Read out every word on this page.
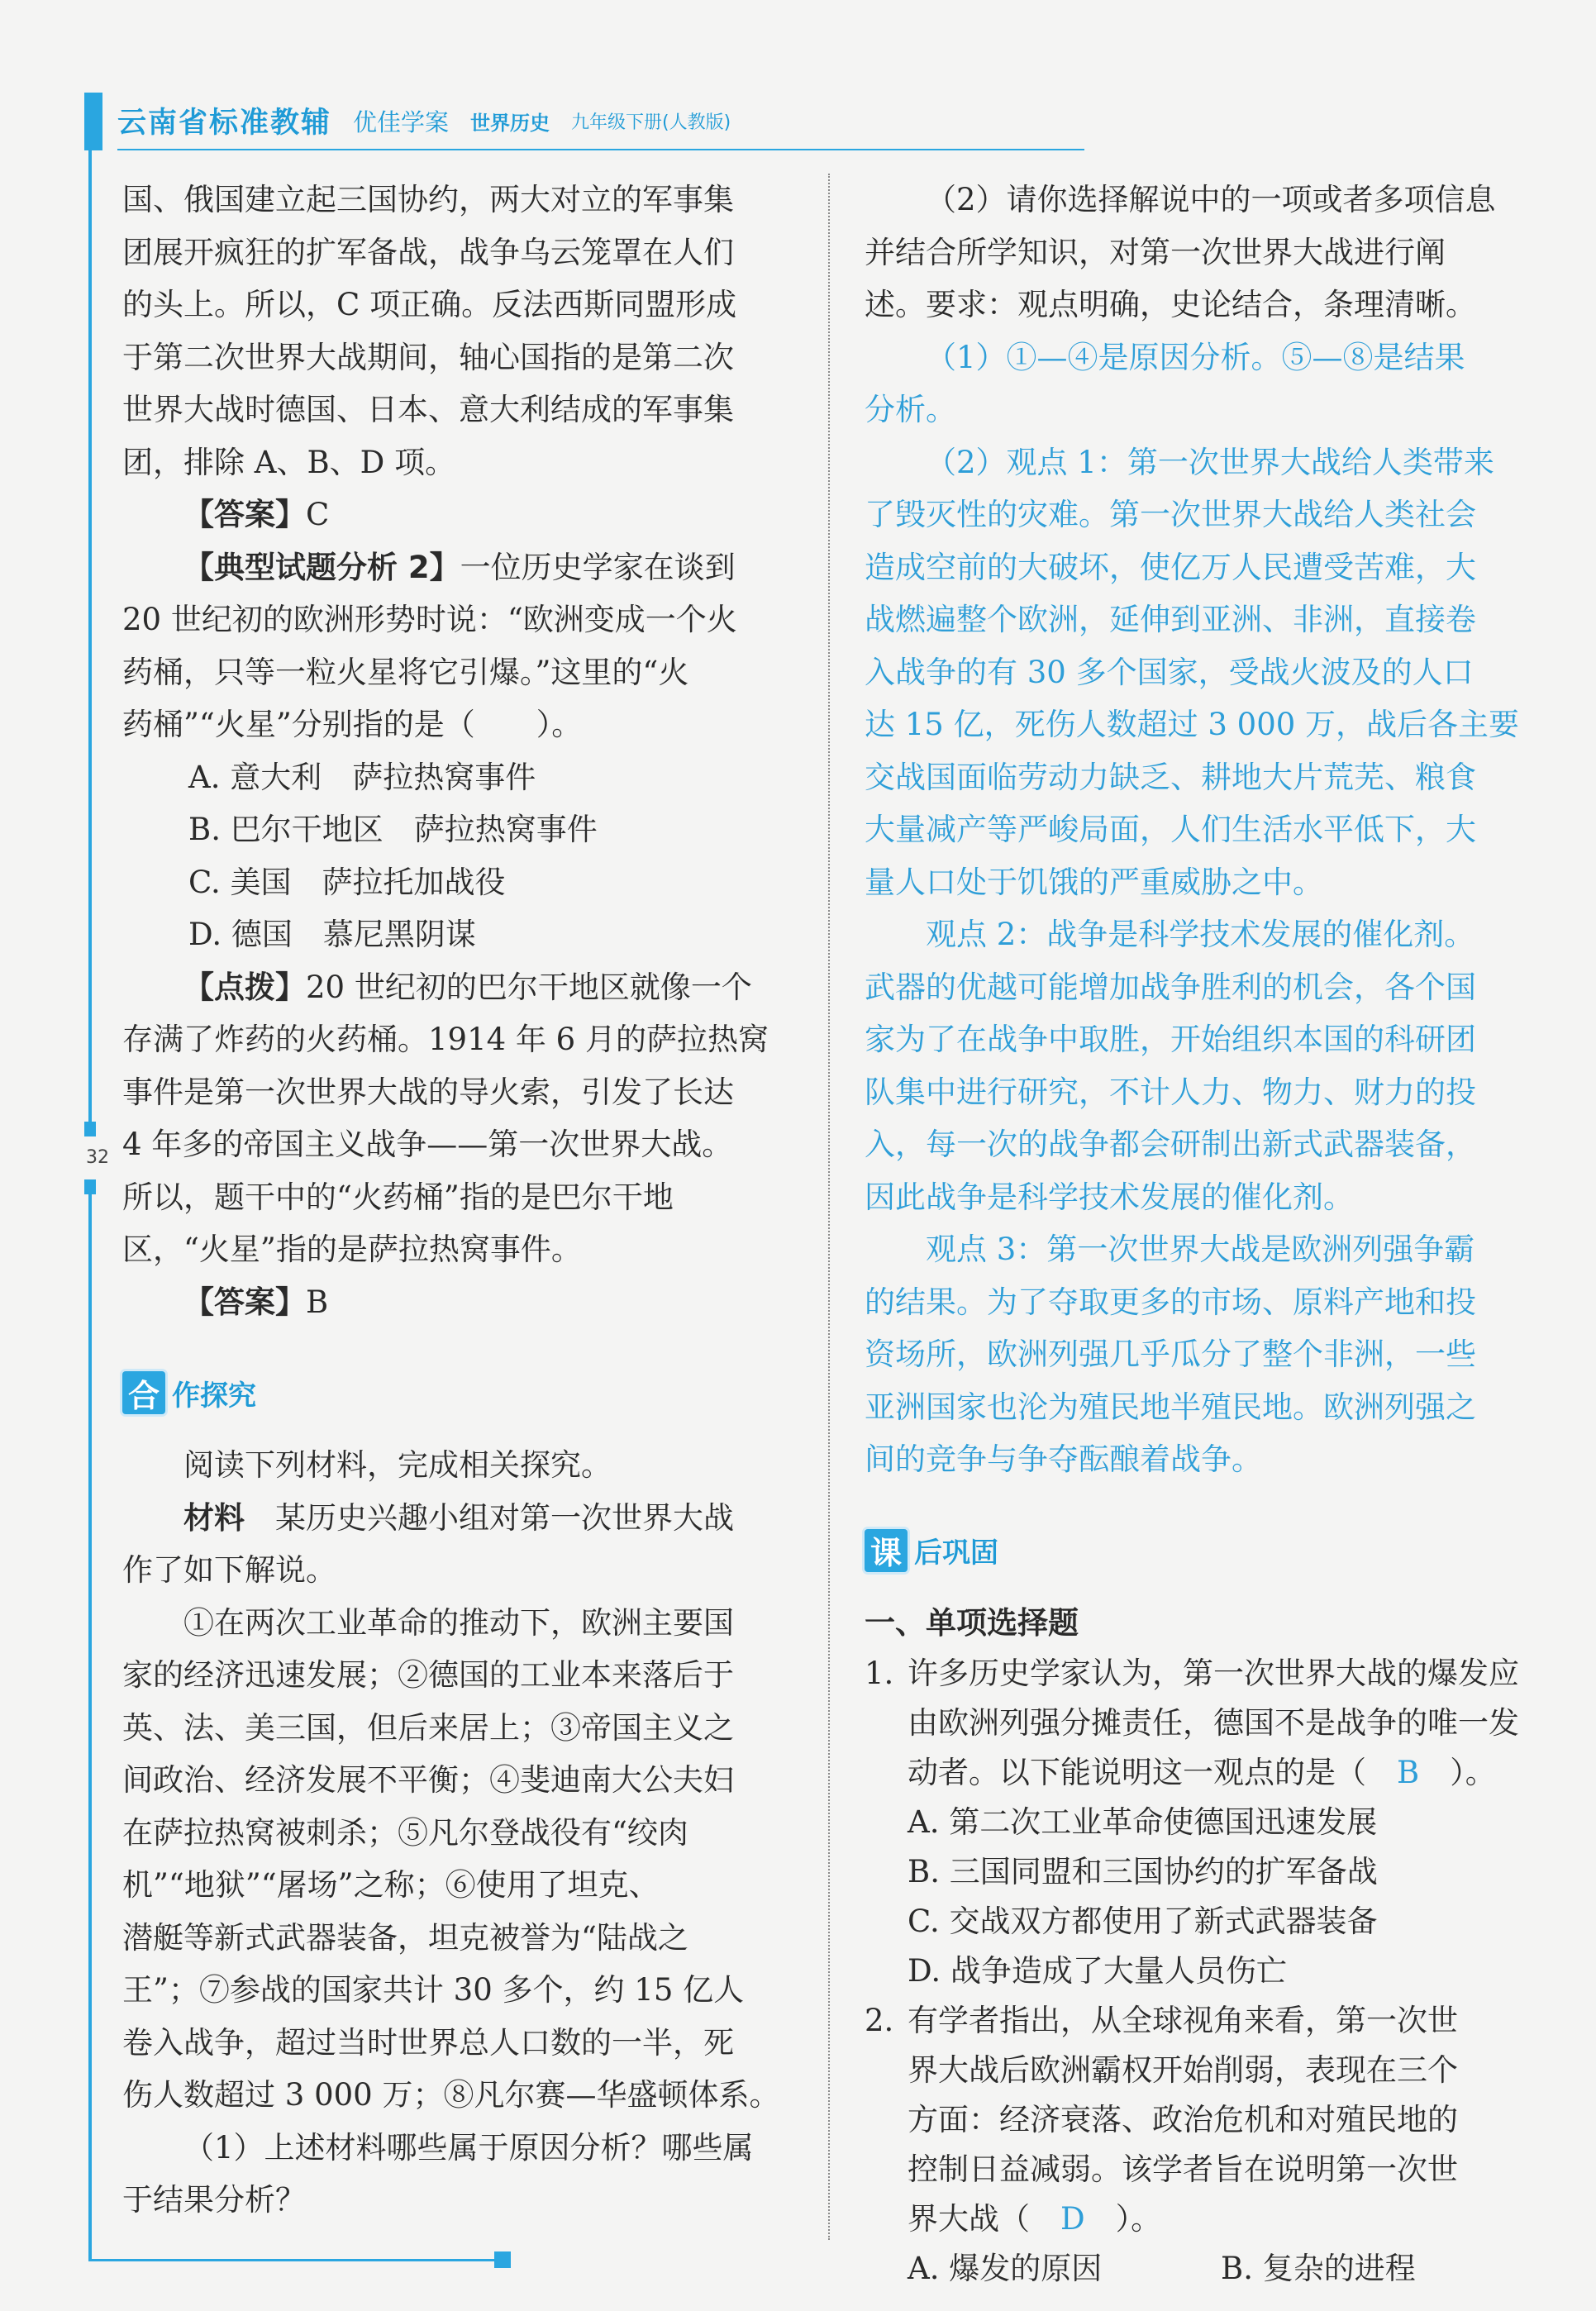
云南省标准教辅 优佳学案 世界历史 九年级下册(人教版)
32

国、俄国建立起三国协约，两大对立的军事集

团展开疯狂的扩军备战，战争乌云笼罩在人们

的头上。所以，C 项正确。反法西斯同盟形成

于第二次世界大战期间，轴心国指的是第二次

世界大战时德国、日本、意大利结成的军事集

团，排除 A、B、D 项。

【答案】C

【典型试题分析 2】一位历史学家在谈到

20 世纪初的欧洲形势时说：“欧洲变成一个火

药桶，只等一粒火星将它引爆。”这里的“火

药桶”“火星”分别指的是（　　）。

A. 意大利　萨拉热窝事件

B. 巴尔干地区　萨拉热窝事件

C. 美国　萨拉托加战役

D. 德国　慕尼黑阴谋

【点拨】20 世纪初的巴尔干地区就像一个

存满了炸药的火药桶。1914 年 6 月的萨拉热窝

事件是第一次世界大战的导火索，引发了长达

4 年多的帝国主义战争——第一次世界大战。

所以，题干中的“火药桶”指的是巴尔干地

区，“火星”指的是萨拉热窝事件。

【答案】B

合 作探究

阅读下列材料，完成相关探究。

材料　 某历史兴趣小组对第一次世界大战

作了如下解说。

①在两次工业革命的推动下，欧洲主要国

家的经济迅速发展；②德国的工业本来落后于

英、法、美三国，但后来居上；③帝国主义之

间政治、经济发展不平衡；④斐迪南大公夫妇

在萨拉热窝被刺杀；⑤凡尔登战役有“绞肉

机”“地狱”“屠场”之称；⑥使用了坦克、

潜艇等新式武器装备，坦克被誉为“陆战之

王”；⑦参战的国家共计 30 多个，约 15 亿人

卷入战争，超过当时世界总人口数的一半，死

伤人数超过 3 000 万；⑧凡尔赛—华盛顿体系。

（1）上述材料哪些属于原因分析？哪些属

于结果分析？

（2）请你选择解说中的一项或者多项信息

并结合所学知识，对第一次世界大战进行阐

述。要求：观点明确，史论结合，条理清晰。

（1）①—④是原因分析。⑤—⑧是结果

分析。

（2）观点 1：第一次世界大战给人类带来

了毁灭性的灾难。第一次世界大战给人类社会

造成空前的大破坏，使亿万人民遭受苦难，大

战燃遍整个欧洲，延伸到亚洲、非洲，直接卷

入战争的有 30 多个国家，受战火波及的人口

达 15 亿，死伤人数超过 3 000 万，战后各主要

交战国面临劳动力缺乏、耕地大片荒芜、粮食

大量减产等严峻局面，人们生活水平低下，大

量人口处于饥饿的严重威胁之中。

观点 2：战争是科学技术发展的催化剂。

武器的优越可能增加战争胜利的机会，各个国

家为了在战争中取胜，开始组织本国的科研团

队集中进行研究，不计人力、物力、财力的投

入，每一次的战争都会研制出新式武器装备，

因此战争是科学技术发展的催化剂。

观点 3：第一次世界大战是欧洲列强争霸

的结果。为了夺取更多的市场、原料产地和投

资场所，欧洲列强几乎瓜分了整个非洲，一些

亚洲国家也沦为殖民地半殖民地。欧洲列强之

间的竞争与争夺酝酿着战争。

课 后巩固

一、单项选择题

1. 许多历史学家认为，第一次世界大战的爆发应
由欧洲列强分摊责任，德国不是战争的唯一发
动者。以下能说明这一观点的是（　 B　 ）。
A. 第二次工业革命使德国迅速发展
B. 三国同盟和三国协约的扩军备战
C. 交战双方都使用了新式武器装备
D. 战争造成了大量人员伤亡
2. 有学者指出，从全球视角来看，第一次世
界大战后欧洲霸权开始削弱，表现在三个
方面：经济衰落、政治危机和对殖民地的
控制日益减弱。该学者旨在说明第一次世
界大战（　 D　 ）。
A. 爆发的原因	B. 复杂的进程
